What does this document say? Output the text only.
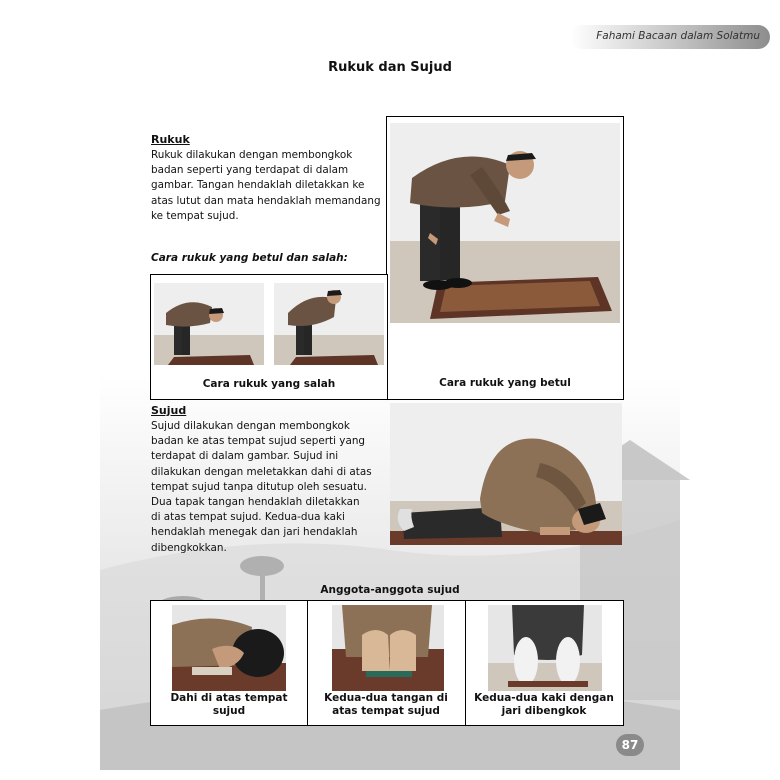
Fahami Bacaan dalam Solatmu
Rukuk dan Sujud
Rukuk
Rukuk dilakukan dengan membongkok
badan seperti yang terdapat di dalam
gambar. Tangan hendaklah diletakkan ke
atas lutut dan mata hendaklah memandang
ke tempat sujud.
Cara rukuk yang betul
Cara rukuk yang betul dan salah:
Cara rukuk yang salah
Sujud
Sujud dilakukan dengan membongkok
badan ke atas tempat sujud seperti yang
terdapat di dalam gambar. Sujud ini
dilakukan dengan meletakkan dahi di atas
tempat sujud tanpa ditutup oleh sesuatu.
Dua tapak tangan hendaklah diletakkan
di atas tempat sujud. Kedua-dua kaki
hendaklah menegak dan jari hendaklah
dibengkokkan.
Anggota-anggota sujud
Dahi di atas tempat
sujud
Kedua-dua tangan di
atas tempat sujud
Kedua-dua kaki dengan
jari dibengkok
87
